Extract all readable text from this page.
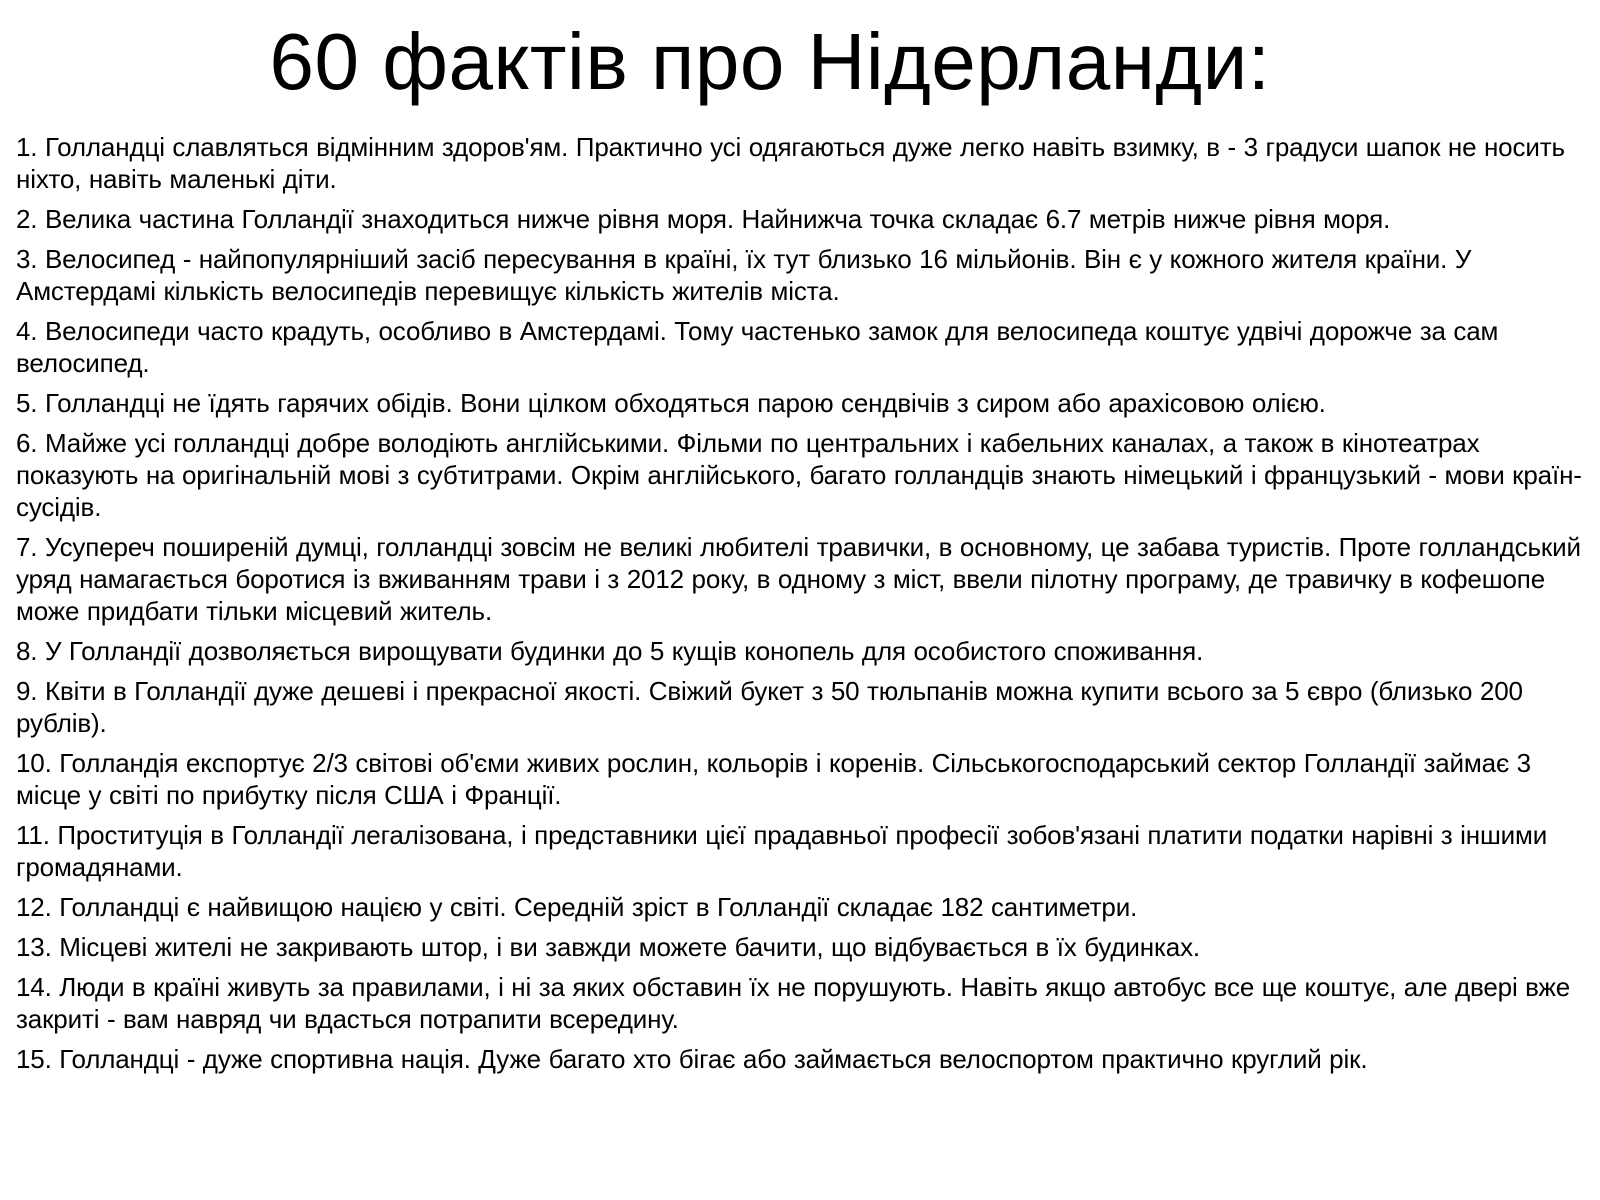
60 фактів про Нідерланди:
1. Голландці славляться відмінним здоров'ям. Практично усі одягаються дуже легко навіть взимку, в - 3 градуси шапок не носить ніхто, навіть маленькі діти.
2. Велика частина Голландії знаходиться нижче рівня моря. Найнижча точка складає 6.7 метрів нижче рівня моря.
3. Велосипед - найпопулярніший засіб пересування в країні, їх тут близько 16 мільйонів. Він є у кожного жителя країни. У Амстердамі кількість велосипедів перевищує кількість жителів міста.
4. Велосипеди часто крадуть, особливо в Амстердамі. Тому частенько замок для велосипеда коштує удвічі дорожче за сам велосипед.
5. Голландці не їдять гарячих обідів. Вони цілком обходяться парою сендвічів з сиром або арахісовою олією.
6. Майже усі голландці добре володіють англійськими. Фільми по центральних і кабельних каналах, а також в кінотеатрах показують на оригінальній мові з субтитрами. Окрім англійського, багато голландців знають німецький і французький - мови країн-сусідів.
7. Усупереч поширеній думці, голландці зовсім не великі любителі травички, в основному, це забава туристів. Проте голландський уряд намагається боротися із вживанням трави і з 2012 року, в одному з міст, ввели пілотну програму, де травичку в кофешопе може придбати тільки місцевий житель.
8. У Голландії дозволяється вирощувати будинки до 5 кущів конопель для особистого споживання.
9. Квіти в Голландії дуже дешеві і прекрасної якості. Свіжий букет з 50 тюльпанів можна купити всього за 5 євро (близько 200 рублів).
10. Голландія експортує 2/3 світові об'єми живих рослин, кольорів і коренів. Сільськогосподарський сектор Голландії займає 3 місце у світі по прибутку після США і Франції.
11. Проституція в Голландії легалізована, і представники цієї прадавньої професії зобов'язані платити податки нарівні з іншими громадянами.
12. Голландці є найвищою нацією у світі. Середній зріст в Голландії складає 182 сантиметри.
13. Місцеві жителі не закривають штор, і ви завжди можете бачити, що відбувається в їх будинках.
14. Люди в країні живуть за правилами, і ні за яких обставин їх не порушують. Навіть якщо автобус все ще коштує, але двері вже закриті - вам навряд чи вдасться потрапити всередину.
15. Голландці - дуже спортивна нація. Дуже багато хто бігає або займається велоспортом практично круглий рік.
